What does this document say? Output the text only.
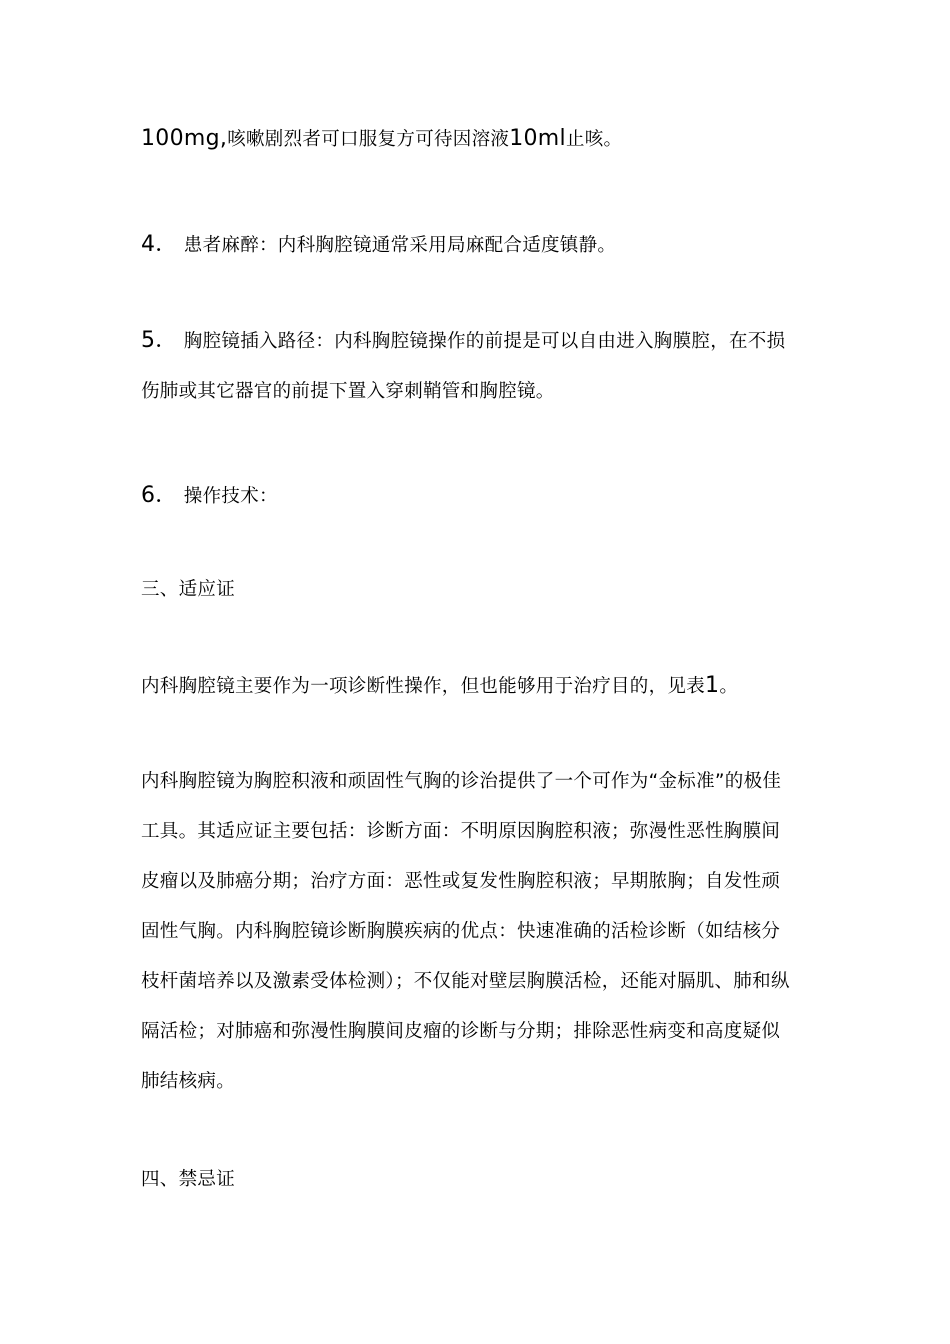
100mg,咳嗽剧烈者可口服复方可待因溶液10ml止咳。

4． 患者麻醉：内科胸腔镜通常采用局麻配合适度镇静。

5． 胸腔镜插入路径：内科胸腔镜操作的前提是可以自由进入胸膜腔，在不损伤肺或其它器官的前提下置入穿刺鞘管和胸腔镜。

6． 操作技术：

三、适应证

内科胸腔镜主要作为一项诊断性操作，但也能够用于治疗目的，见表1。

内科胸腔镜为胸腔积液和顽固性气胸的诊治提供了一个可作为“金标准”的极佳工具。其适应证主要包括：诊断方面：不明原因胸腔积液；弥漫性恶性胸膜间皮瘤以及肺癌分期；治疗方面：恶性或复发性胸腔积液；早期脓胸；自发性顽固性气胸。内科胸腔镜诊断胸膜疾病的优点：快速准确的活检诊断（如结核分枝杆菌培养以及激素受体检测）；不仅能对壁层胸膜活检，还能对膈肌、肺和纵隔活检；对肺癌和弥漫性胸膜间皮瘤的诊断与分期；排除恶性病变和高度疑似肺结核病。

四、禁忌证
